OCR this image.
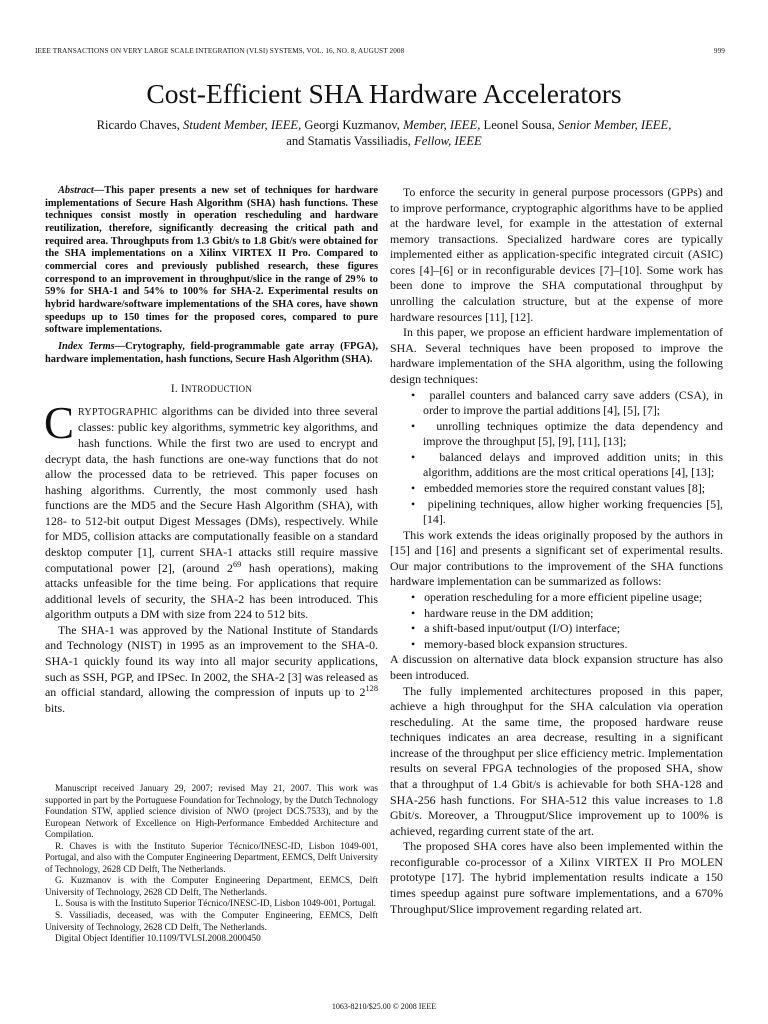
IEEE TRANSACTIONS ON VERY LARGE SCALE INTEGRATION (VLSI) SYSTEMS, VOL. 16, NO. 8, AUGUST 2008	999
Cost-Efficient SHA Hardware Accelerators
Ricardo Chaves, Student Member, IEEE, Georgi Kuzmanov, Member, IEEE, Leonel Sousa, Senior Member, IEEE,
and Stamatis Vassiliadis, Fellow, IEEE

Abstract—This paper presents a new set of techniques for hardware implementations of Secure Hash Algorithm (SHA) hash functions. These techniques consist mostly in operation rescheduling and hardware reutilization, therefore, significantly decreasing the critical path and required area. Throughputs from 1.3 Gbit/s to 1.8 Gbit/s were obtained for the SHA implementations on a Xilinx VIRTEX II Pro. Compared to commercial cores and previously published research, these figures correspond to an improvement in throughput/slice in the range of 29% to 59% for SHA-1 and 54% to 100% for SHA-2. Experimental results on hybrid hardware/software implementations of the SHA cores, have shown speedups up to 150 times for the proposed cores, compared to pure software implementations.

Index Terms—Crytography, field-programmable gate array (FPGA), hardware implementation, hash functions, Secure Hash Algorithm (SHA).

I. INTRODUCTION

CRYPTOGRAPHIC algorithms can be divided into three several classes: public key algorithms, symmetric key algorithms, and hash functions. While the first two are used to encrypt and decrypt data, the hash functions are one-way functions that do not allow the processed data to be retrieved. This paper focuses on hashing algorithms. Currently, the most commonly used hash functions are the MD5 and the Secure Hash Algorithm (SHA), with 128- to 512-bit output Digest Messages (DMs), respectively. While for MD5, collision attacks are computationally feasible on a standard desktop computer [1], current SHA-1 attacks still require massive computational power [2], (around $2^{69}$ hash operations), making attacks unfeasible for the time being. For applications that require additional levels of security, the SHA-2 has been introduced. This algorithm outputs a DM with size from 224 to 512 bits.

The SHA-1 was approved by the National Institute of Standards and Technology (NIST) in 1995 as an improvement to the SHA-0. SHA-1 quickly found its way into all major security applications, such as SSH, PGP, and IPSec. In 2002, the SHA-2 [3] was released as an official standard, allowing the compression of inputs up to $2^{128}$ bits.

Manuscript received January 29, 2007; revised May 21, 2007. This work was supported in part by the Portuguese Foundation for Technology, by the Dutch Technology Foundation STW, applied science division of NWO (project DCS.7533), and by the European Network of Excellence on High-Performance Embedded Architecture and Compilation.

R. Chaves is with the Instituto Superior Técnico/INESC-ID, Lisbon 1049-001, Portugal, and also with the Computer Engineering Department, EEMCS, Delft University of Technology, 2628 CD Delft, The Netherlands.

G. Kuzmanov is with the Computer Engineering Department, EEMCS, Delft University of Technology, 2628 CD Delft, The Netherlands.

L. Sousa is with the Instituto Superior Técnico/INESC-ID, Lisbon 1049-001, Portugal.

S. Vassiliadis, deceased, was with the Computer Engineering, EEMCS, Delft University of Technology, 2628 CD Delft, The Netherlands.

Digital Object Identifier 10.1109/TVLSI.2008.2000450

To enforce the security in general purpose processors (GPPs) and to improve performance, cryptographic algorithms have to be applied at the hardware level, for example in the attestation of external memory transactions. Specialized hardware cores are typically implemented either as application-specific integrated circuit (ASIC) cores [4]–[6] or in reconfigurable devices [7]–[10]. Some work has been done to improve the SHA computational throughput by unrolling the calculation structure, but at the expense of more hardware resources [11], [12].

In this paper, we propose an efficient hardware implementation of SHA. Several techniques have been proposed to improve the hardware implementation of the SHA algorithm, using the following design techniques:

•   parallel counters and balanced carry save adders (CSA), in order to improve the partial additions [4], [5], [7];

•   unrolling techniques optimize the data dependency and improve the throughput [5], [9], [11], [13];

•   balanced delays and improved addition units; in this algorithm, additions are the most critical operations [4], [13];

•   embedded memories store the required constant values [8];

•   pipelining techniques, allow higher working frequencies [5], [14].

This work extends the ideas originally proposed by the authors in [15] and [16] and presents a significant set of experimental results. Our major contributions to the improvement of the SHA functions hardware implementation can be summarized as follows:

•   operation rescheduling for a more efficient pipeline usage;

•   hardware reuse in the DM addition;

•   a shift-based input/output (I/O) interface;

•   memory-based block expansion structures.

A discussion on alternative data block expansion structure has also been introduced.

The fully implemented architectures proposed in this paper, achieve a high throughput for the SHA calculation via operation rescheduling. At the same time, the proposed hardware reuse techniques indicates an area decrease, resulting in a significant increase of the throughput per slice efficiency metric. Implementation results on several FPGA technologies of the proposed SHA, show that a throughput of 1.4 Gbit/s is achievable for both SHA-128 and SHA-256 hash functions. For SHA-512 this value increases to 1.8 Gbit/s. Moreover, a Througput/Slice improvement up to 100% is achieved, regarding current state of the art.

The proposed SHA cores have also been implemented within the reconfigurable co-processor of a Xilinx VIRTEX II Pro MOLEN prototype [17]. The hybrid implementation results indicate a 150 times speedup against pure software implementations, and a 670% Throughput/Slice improvement regarding related art.

1063-8210/$25.00 © 2008 IEEE
